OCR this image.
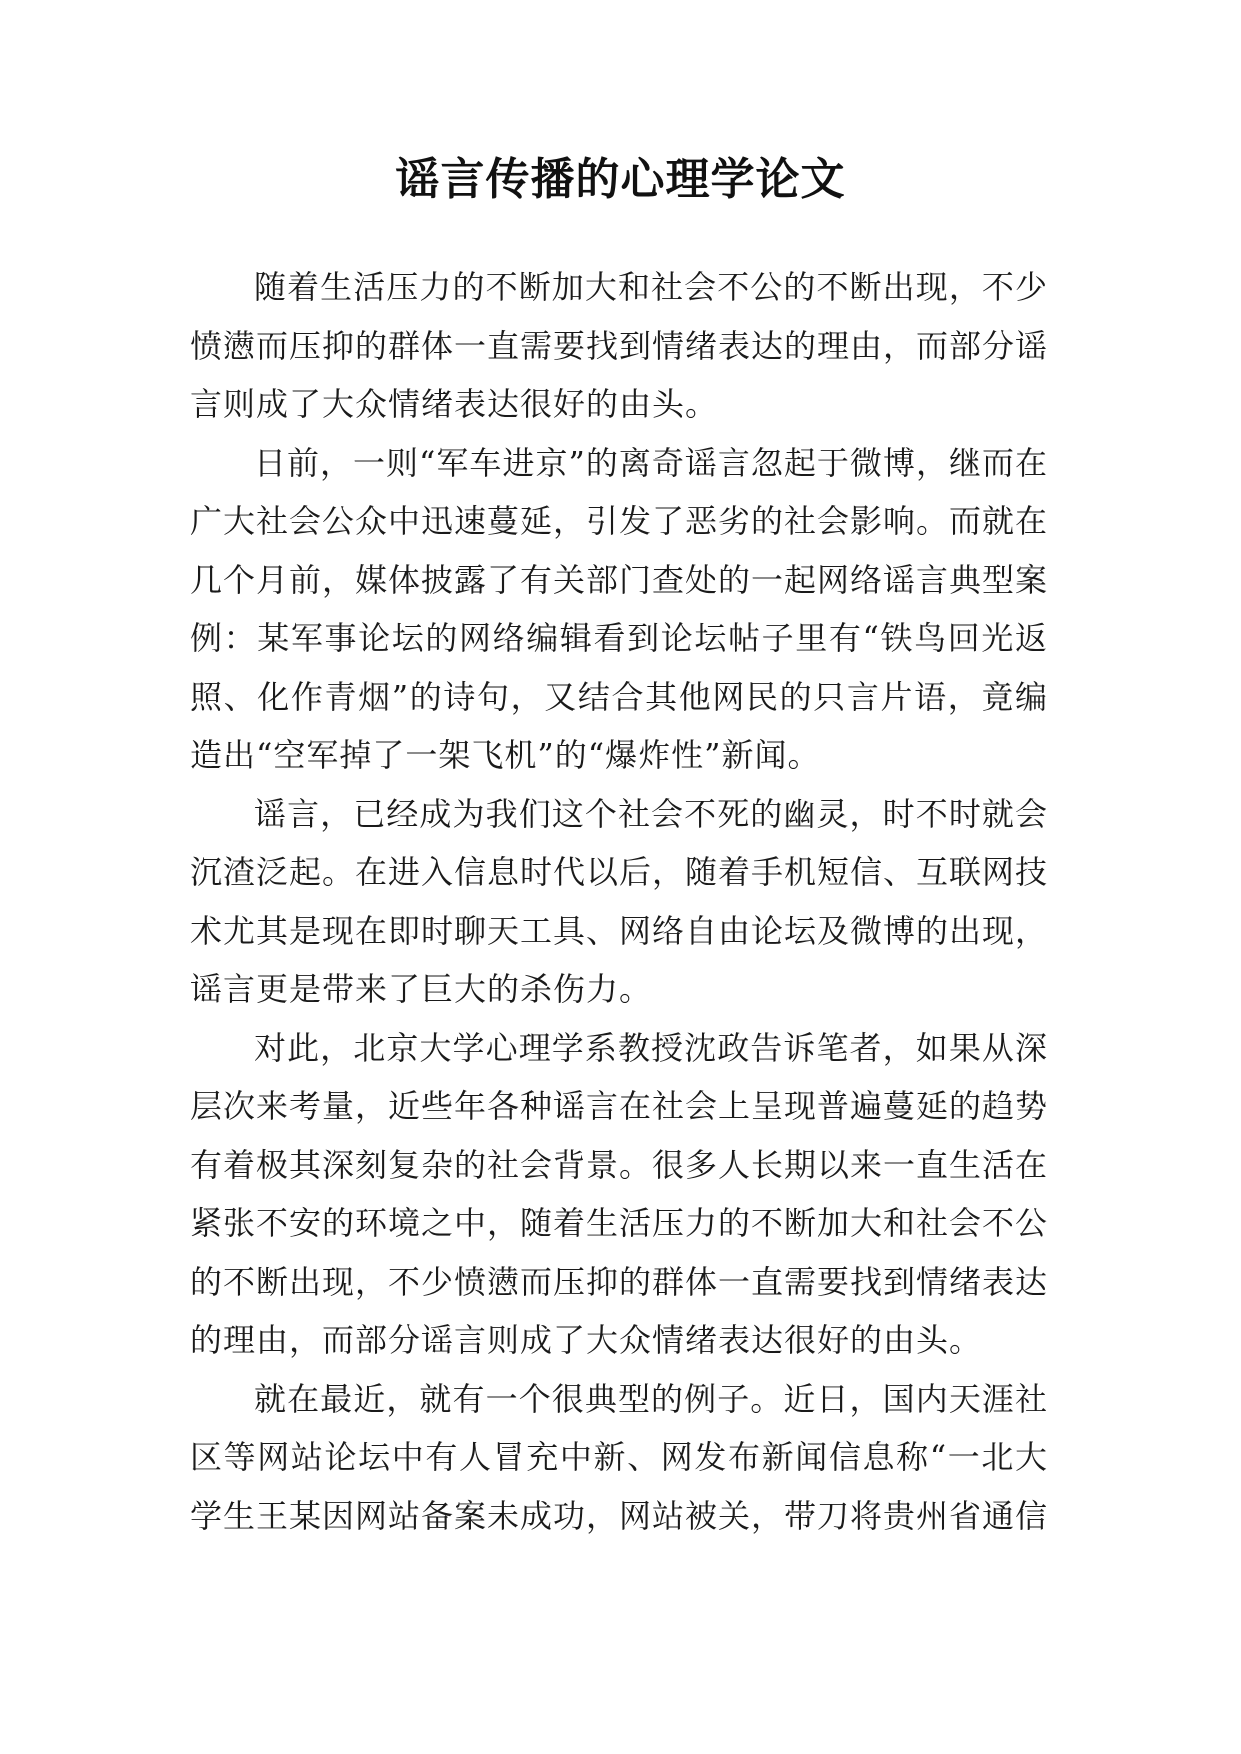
谣言传播的心理学论文

随着生活压力的不断加大和社会不公的不断出现，不少愤懑而压抑的群体一直需要找到情绪表达的理由，而部分谣言则成了大众情绪表达很好的由头。

日前，一则“军车进京”的离奇谣言忽起于微博，继而在广大社会公众中迅速蔓延，引发了恶劣的社会影响。而就在几个月前，媒体披露了有关部门查处的一起网络谣言典型案例：某军事论坛的网络编辑看到论坛帖子里有“铁鸟回光返照、化作青烟”的诗句，又结合其他网民的只言片语，竟编造出“空军掉了一架飞机”的“爆炸性”新闻。

谣言，已经成为我们这个社会不死的幽灵，时不时就会沉渣泛起。在进入信息时代以后，随着手机短信、互联网技术尤其是现在即时聊天工具、网络自由论坛及微博的出现，谣言更是带来了巨大的杀伤力。

对此，北京大学心理学系教授沈政告诉笔者，如果从深层次来考量，近些年各种谣言在社会上呈现普遍蔓延的趋势有着极其深刻复杂的社会背景。很多人长期以来一直生活在紧张不安的环境之中，随着生活压力的不断加大和社会不公的不断出现，不少愤懑而压抑的群体一直需要找到情绪表达的理由，而部分谣言则成了大众情绪表达很好的由头。

就在最近，就有一个很典型的例子。近日，国内天涯社区等网站论坛中有人冒充中新、网发布新闻信息称“一北大学生王某因网站备案未成功，网站被关，带刀将贵州省通信
